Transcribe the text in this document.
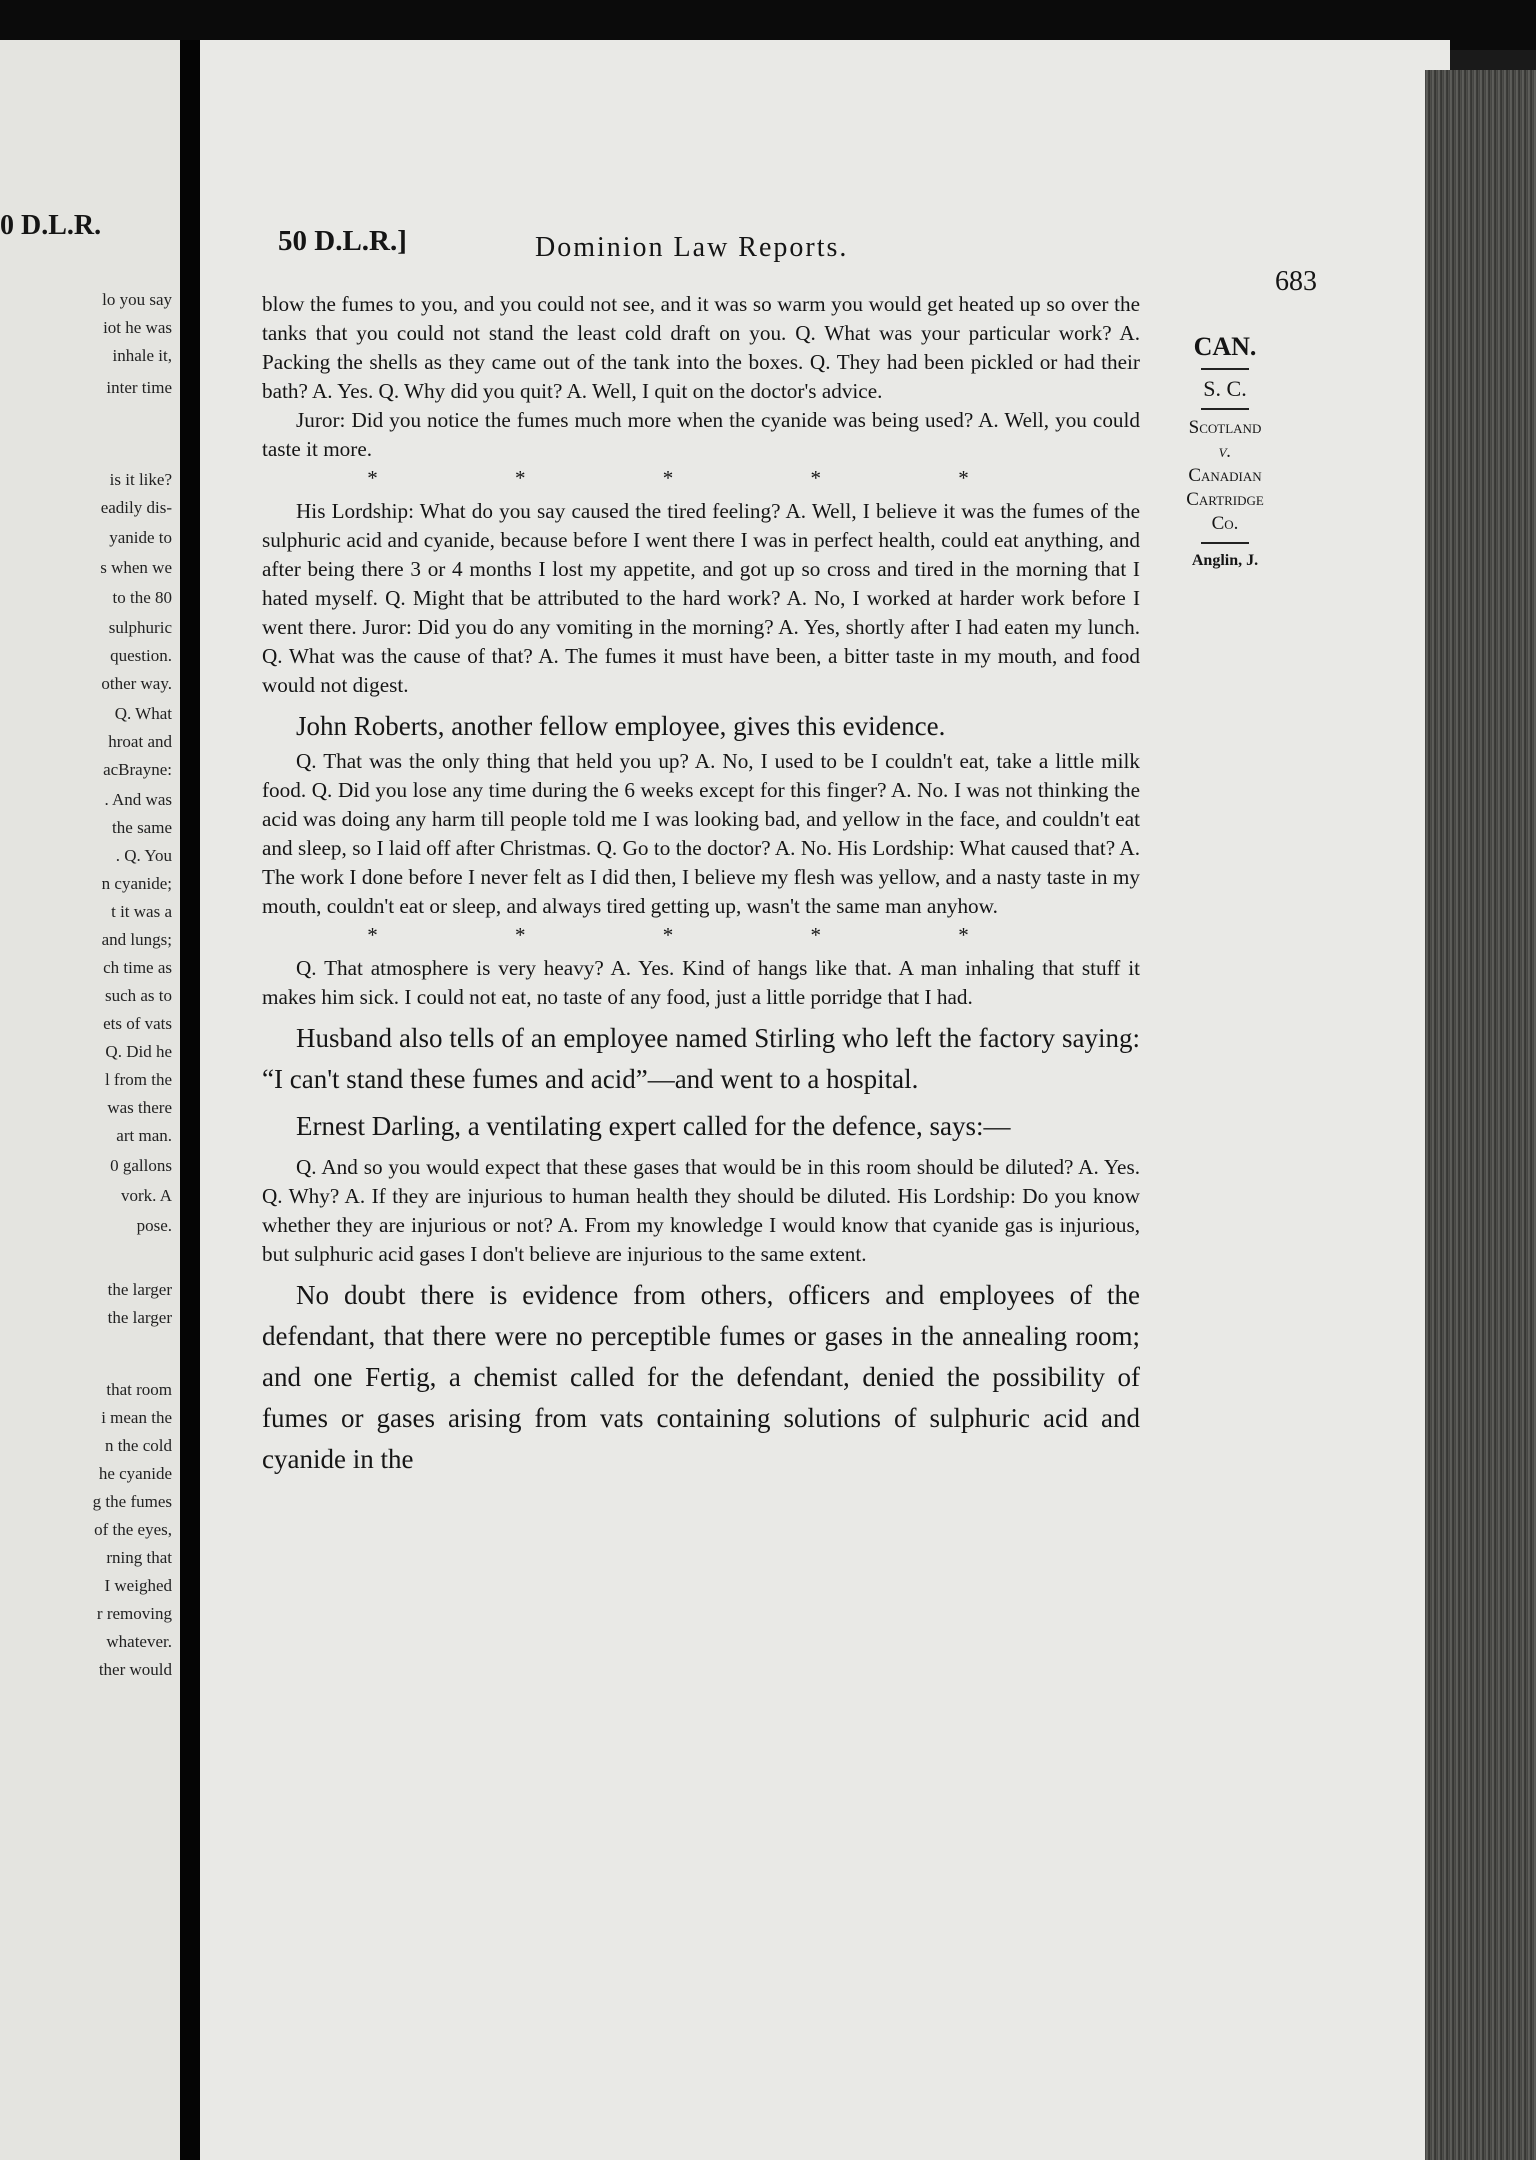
0 D.L.R.
lo you say
iot he was
inhale it,
inter time
is it like?
eadily dis-
yanide to
s when we
to the 80
sulphuric
question.
other way.
Q. What
hroat and
acBrayne:
. And was
the same
. Q. You
n cyanide;
t it was a
and lungs;
ch time as
such as to
ets of vats
Q. Did he
l from the
was there
art man.
0 gallons
vork. A
pose.
the larger
the larger
that room
i mean the
n the cold
he cyanide
g the fumes
of the eyes,
rning that
I weighed
r removing
whatever.
ther would
50 D.L.R.]	Dominion Law Reports.
683
CAN.
S. C.
Scotland
v.
Canadian
Cartridge
Co.
Anglin, J.

blow the fumes to you, and you could not see, and it was so warm you would get heated up so over the tanks that you could not stand the least cold draft on you. Q. What was your particular work? A. Packing the shells as they came out of the tank into the boxes. Q. They had been pickled or had their bath? A. Yes. Q. Why did you quit? A. Well, I quit on the doctor's advice.

Juror: Did you notice the fumes much more when the cyanide was being used? A. Well, you could taste it more.

* * * * *

His Lordship: What do you say caused the tired feeling? A. Well, I believe it was the fumes of the sulphuric acid and cyanide, because before I went there I was in perfect health, could eat anything, and after being there 3 or 4 months I lost my appetite, and got up so cross and tired in the morning that I hated myself. Q. Might that be attributed to the hard work? A. No, I worked at harder work before I went there. Juror: Did you do any vomiting in the morning? A. Yes, shortly after I had eaten my lunch. Q. What was the cause of that? A. The fumes it must have been, a bitter taste in my mouth, and food would not digest.

John Roberts, another fellow employee, gives this evidence.

Q. That was the only thing that held you up? A. No, I used to be I couldn't eat, take a little milk food. Q. Did you lose any time during the 6 weeks except for this finger? A. No. I was not thinking the acid was doing any harm till people told me I was looking bad, and yellow in the face, and couldn't eat and sleep, so I laid off after Christmas. Q. Go to the doctor? A. No. His Lordship: What caused that? A. The work I done before I never felt as I did then, I believe my flesh was yellow, and a nasty taste in my mouth, couldn't eat or sleep, and always tired getting up, wasn't the same man anyhow.

* * * * *

Q. That atmosphere is very heavy? A. Yes. Kind of hangs like that. A man inhaling that stuff it makes him sick. I could not eat, no taste of any food, just a little porridge that I had.

Husband also tells of an employee named Stirling who left the factory saying: “I can't stand these fumes and acid”—and went to a hospital.

Ernest Darling, a ventilating expert called for the defence, says:—

Q. And so you would expect that these gases that would be in this room should be diluted? A. Yes. Q. Why? A. If they are injurious to human health they should be diluted. His Lordship: Do you know whether they are injurious or not? A. From my knowledge I would know that cyanide gas is injurious, but sulphuric acid gases I don't believe are injurious to the same extent.

No doubt there is evidence from others, officers and employees of the defendant, that there were no perceptible fumes or gases in the annealing room; and one Fertig, a chemist called for the defendant, denied the possibility of fumes or gases arising from vats containing solutions of sulphuric acid and cyanide in the
